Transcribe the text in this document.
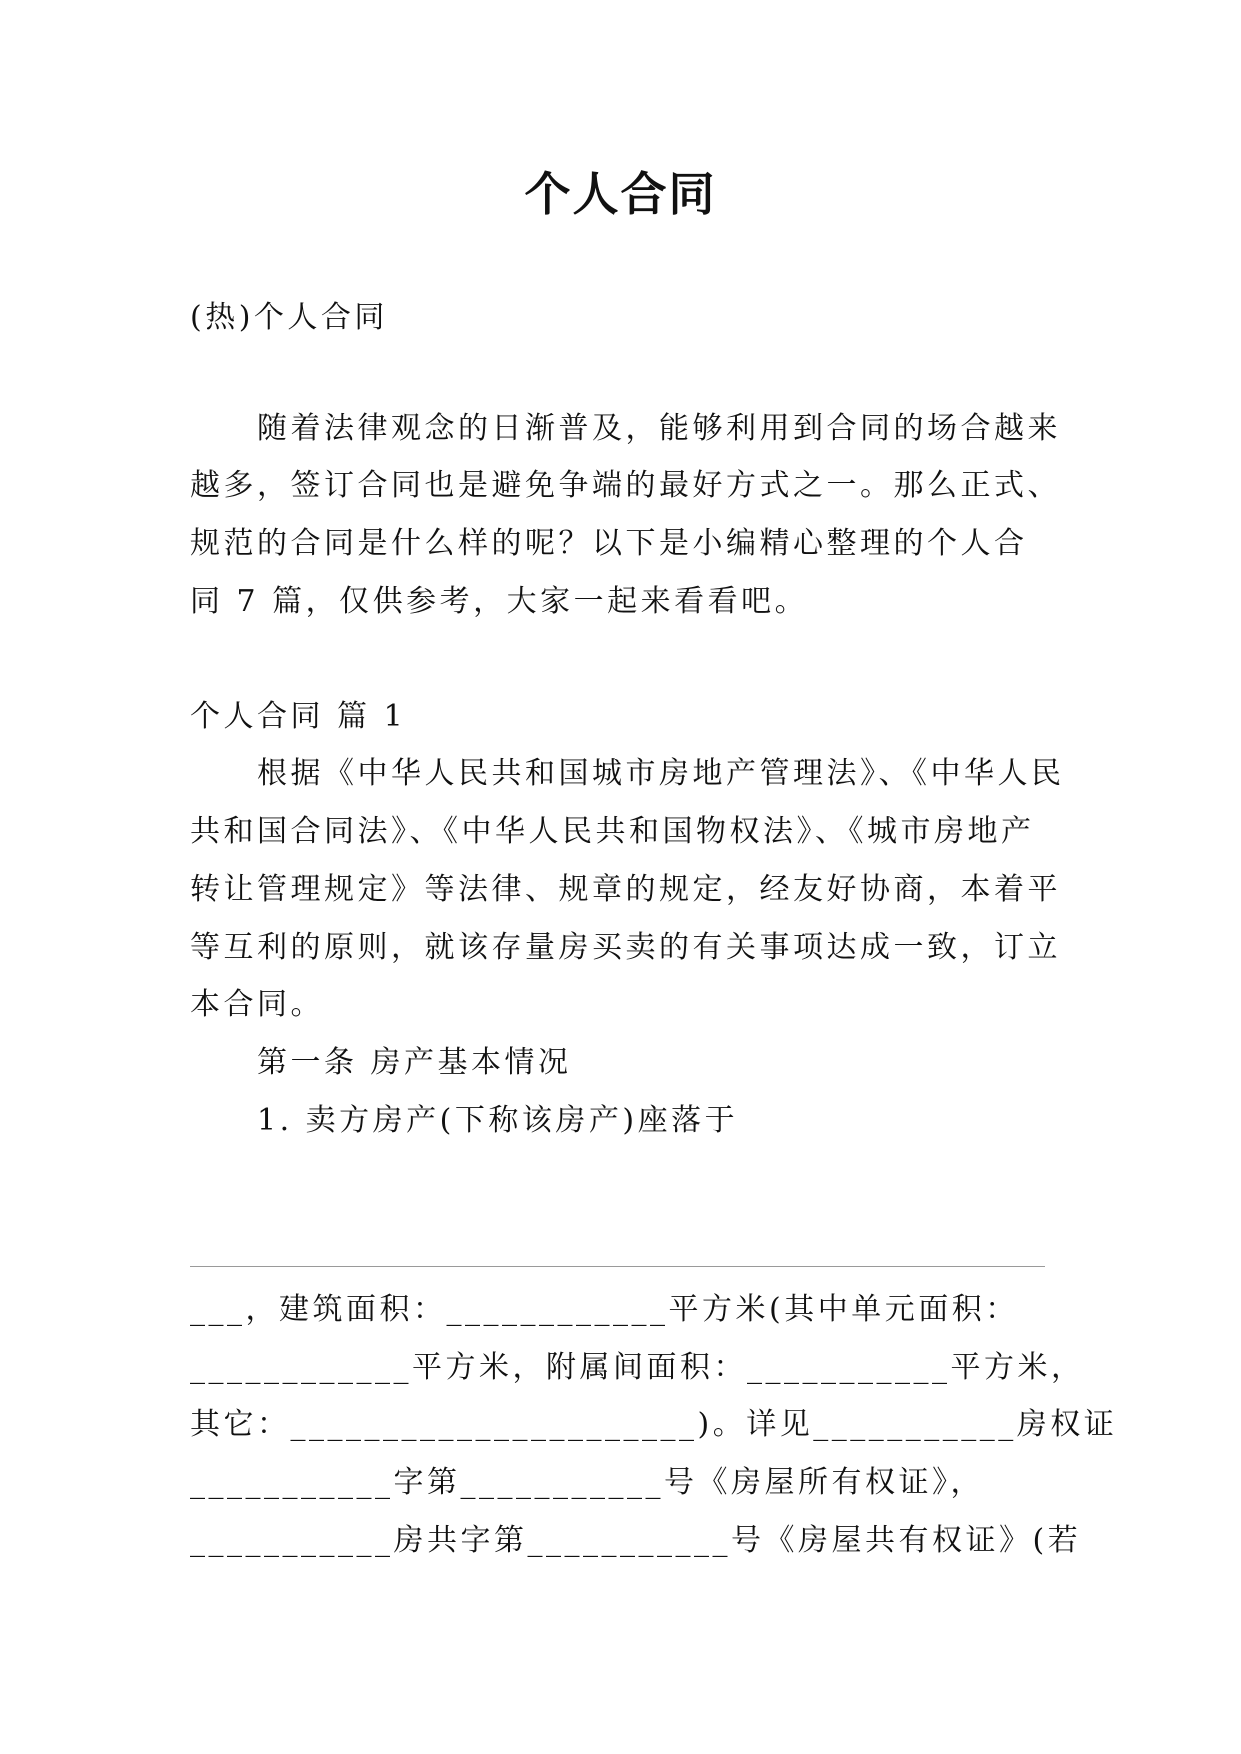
个人合同

(热)个人合同

随着法律观念的日渐普及，能够利用到合同的场合越来

越多，签订合同也是避免争端的最好方式之一。那么正式、

规范的合同是什么样的呢？以下是小编精心整理的个人合

同 7 篇，仅供参考，大家一起来看看吧。

个人合同 篇 1

根据《中华人民共和国城市房地产管理法》、《中华人民

共和国合同法》、《中华人民共和国物权法》、《城市房地产

转让管理规定》等法律、规章的规定，经友好协商，本着平

等互利的原则，就该存量房买卖的有关事项达成一致，订立

本合同。

第一条 房产基本情况

1. 卖方房产(下称该房产)座落于

___，建筑面积：____________平方米(其中单元面积：

____________平方米，附属间面积：___________平方米，

其它：______________________)。详见___________房权证

___________字第___________号《房屋所有权证》，

___________房共字第___________号《房屋共有权证》(若
